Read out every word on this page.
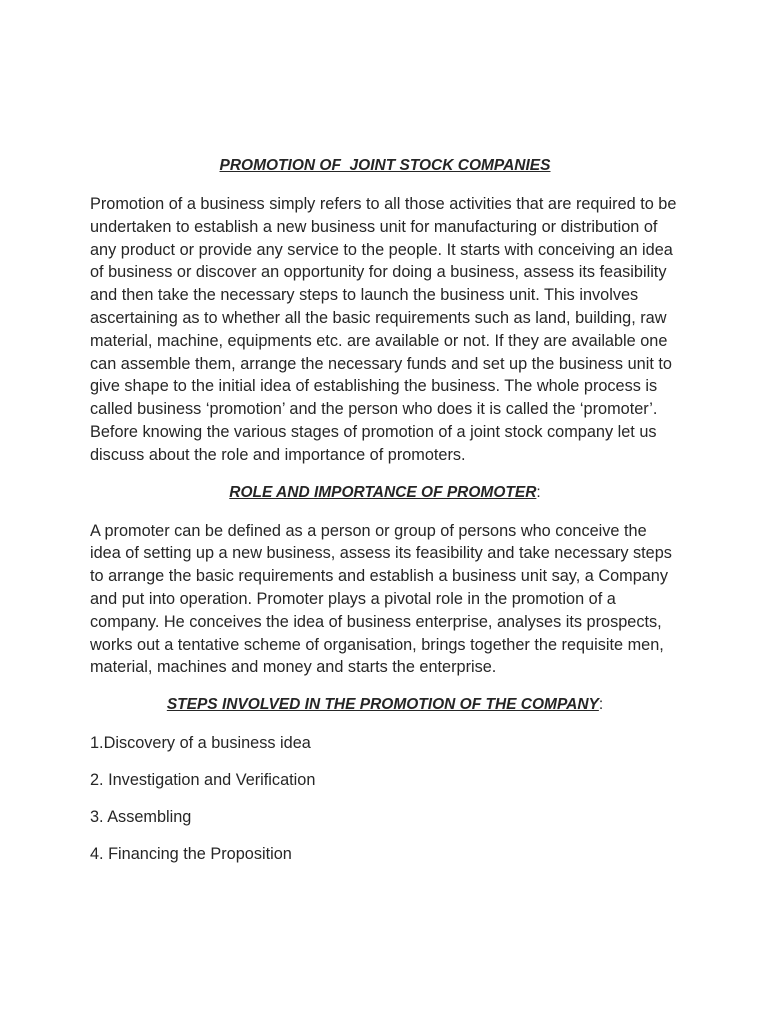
PROMOTION OF  JOINT STOCK COMPANIES

Promotion of a business simply refers to all those activities that are required to be undertaken to establish a new business unit for manufacturing or distribution of any product or provide any service to the people. It starts with conceiving an idea of business or discover an opportunity for doing a business, assess its feasibility and then take the necessary steps to launch the business unit. This involves ascertaining as to whether all the basic requirements such as land, building, raw material, machine, equipments etc. are available or not. If they are available one can assemble them, arrange the necessary funds and set up the business unit to give shape to the initial idea of establishing the business. The whole process is called business ‘promotion’ and the person who does it is called the ‘promoter’. Before knowing the various stages of promotion of a joint stock company let us discuss about the role and importance of promoters.

ROLE AND IMPORTANCE OF PROMOTER:

A promoter can be defined as a person or group of persons who conceive the idea of setting up a new business, assess its feasibility and take necessary steps to arrange the basic requirements and establish a business unit say, a Company and put into operation. Promoter plays a pivotal role in the promotion of a company. He conceives the idea of business enterprise, analyses its prospects, works out a tentative scheme of organisation, brings together the requisite men, material, machines and money and starts the enterprise.

STEPS INVOLVED IN THE PROMOTION OF THE COMPANY:

1.Discovery of a business idea

2. Investigation and Verification

3. Assembling

4. Financing the Proposition
